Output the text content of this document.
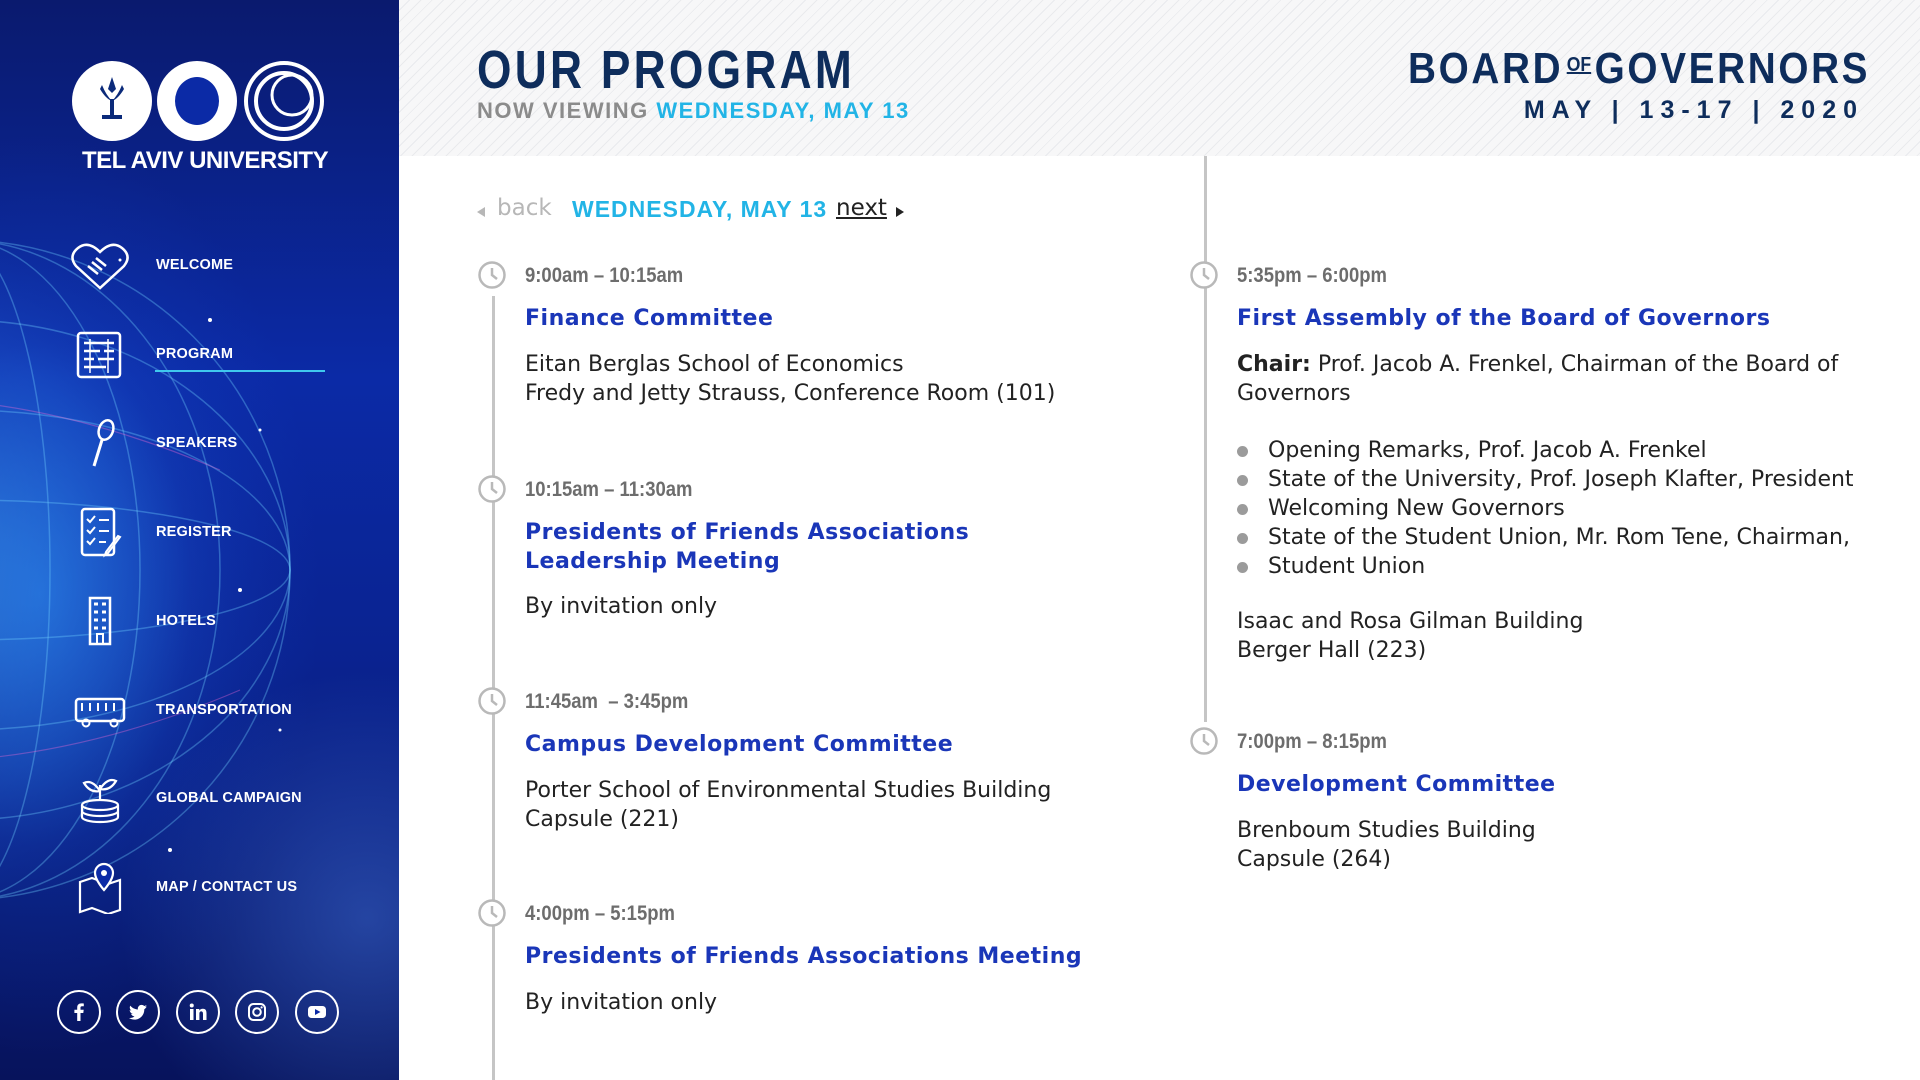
TEL AVIV UNIVERSITY
WELCOME
PROGRAM
SPEAKERS
REGISTER
HOTELS
TRANSPORTATION
GLOBAL CAMPAIGN
MAP / CONTACT US
OUR PROGRAM
NOW VIEWING WEDNESDAY, MAY 13
BOARD $^{OF}$GOVERNORS
MAY | 13-17 | 2020
back WEDNESDAY, MAY 13 next
9:00am – 10:15am
Finance Committee
Eitan Berglas School of Economics
Fredy and Jetty Strauss, Conference Room (101)
10:15am – 11:30am
Presidents of Friends Associations Leadership Meeting
By invitation only
11:45am  – 3:45pm
Campus Development Committee
Porter School of Environmental Studies Building
Capsule (221)
4:00pm – 5:15pm
Presidents of Friends Associations Meeting
By invitation only
5:35pm – 6:00pm
First Assembly of the Board of Governors
Chair: Prof. Jacob A. Frenkel, Chairman of the Board of
Governors
Opening Remarks, Prof. Jacob A. Frenkel
State of the University, Prof. Joseph Klafter, President
Welcoming New Governors
State of the Student Union, Mr. Rom Tene, Chairman,
Student Union
Isaac and Rosa Gilman Building
Berger Hall (223)
7:00pm – 8:15pm
Development Committee
Brenboum Studies Building
Capsule (264)
